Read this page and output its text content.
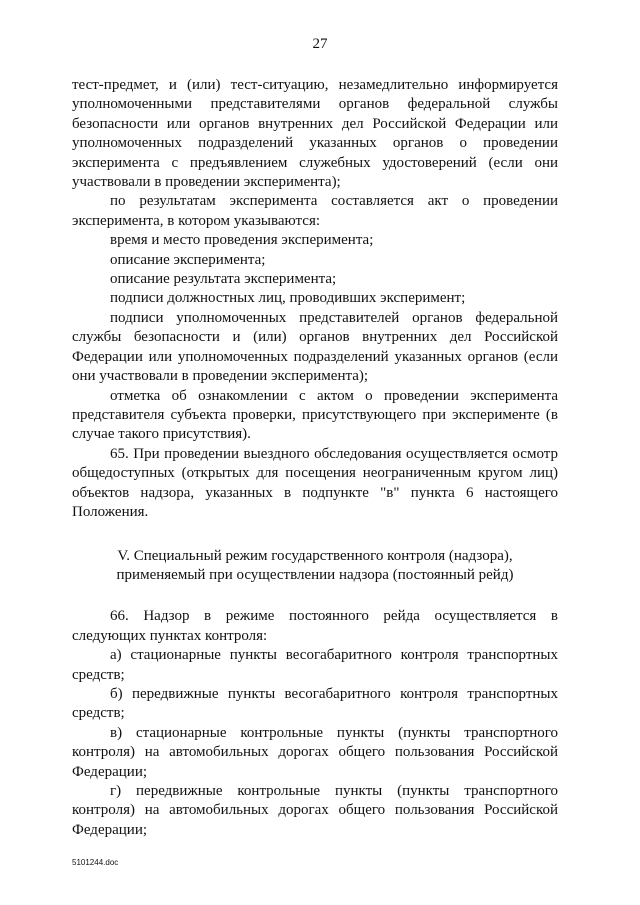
27

тест-предмет, и (или) тест-ситуацию, незамедлительно информируется уполномоченными представителями органов федеральной службы безопасности или органов внутренних дел Российской Федерации или уполномоченных подразделений указанных органов о проведении эксперимента с предъявлением служебных удостоверений (если они участвовали в проведении эксперимента);

по результатам эксперимента составляется акт о проведении эксперимента, в котором указываются:

время и место проведения эксперимента;

описание эксперимента;

описание результата эксперимента;

подписи должностных лиц, проводивших эксперимент;

подписи уполномоченных представителей органов федеральной службы безопасности и (или) органов внутренних дел Российской Федерации или уполномоченных подразделений указанных органов (если они участвовали в проведении эксперимента);

отметка об ознакомлении с актом о проведении эксперимента представителя субъекта проверки, присутствующего при эксперименте (в случае такого присутствия).

65. При проведении выездного обследования осуществляется осмотр общедоступных (открытых для посещения неограниченным кругом лиц) объектов надзора, указанных в подпункте "в" пункта 6 настоящего Положения.

V. Специальный режим государственного контроля (надзора),
применяемый при осуществлении надзора (постоянный рейд)

66. Надзор в режиме постоянного рейда осуществляется в следующих пунктах контроля:

а) стационарные пункты весогабаритного контроля транспортных средств;

б) передвижные пункты весогабаритного контроля транспортных средств;

в) стационарные контрольные пункты (пункты транспортного контроля) на автомобильных дорогах общего пользования Российской Федерации;

г) передвижные контрольные пункты (пункты транспортного контроля) на автомобильных дорогах общего пользования Российской Федерации;

5101244.doc
